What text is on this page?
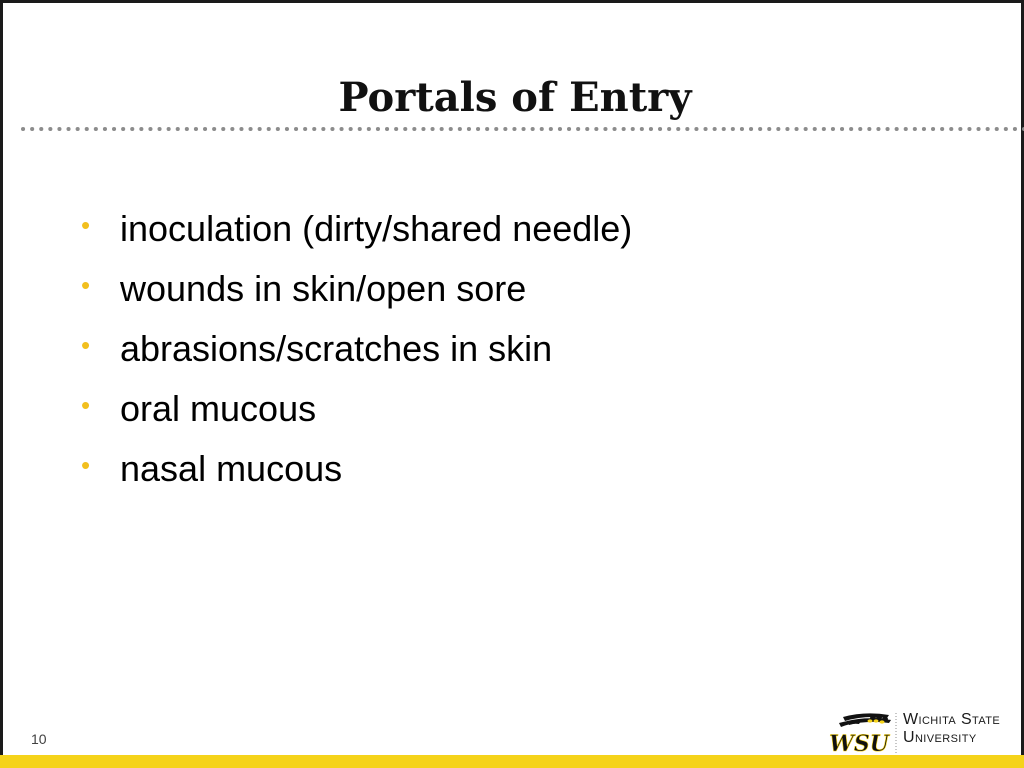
Portals of Entry
• inoculation (dirty/shared needle)
• wounds in skin/open sore
• abrasions/scratches in skin
• oral mucous
• nasal mucous
10	WSU
Wichita State
University
